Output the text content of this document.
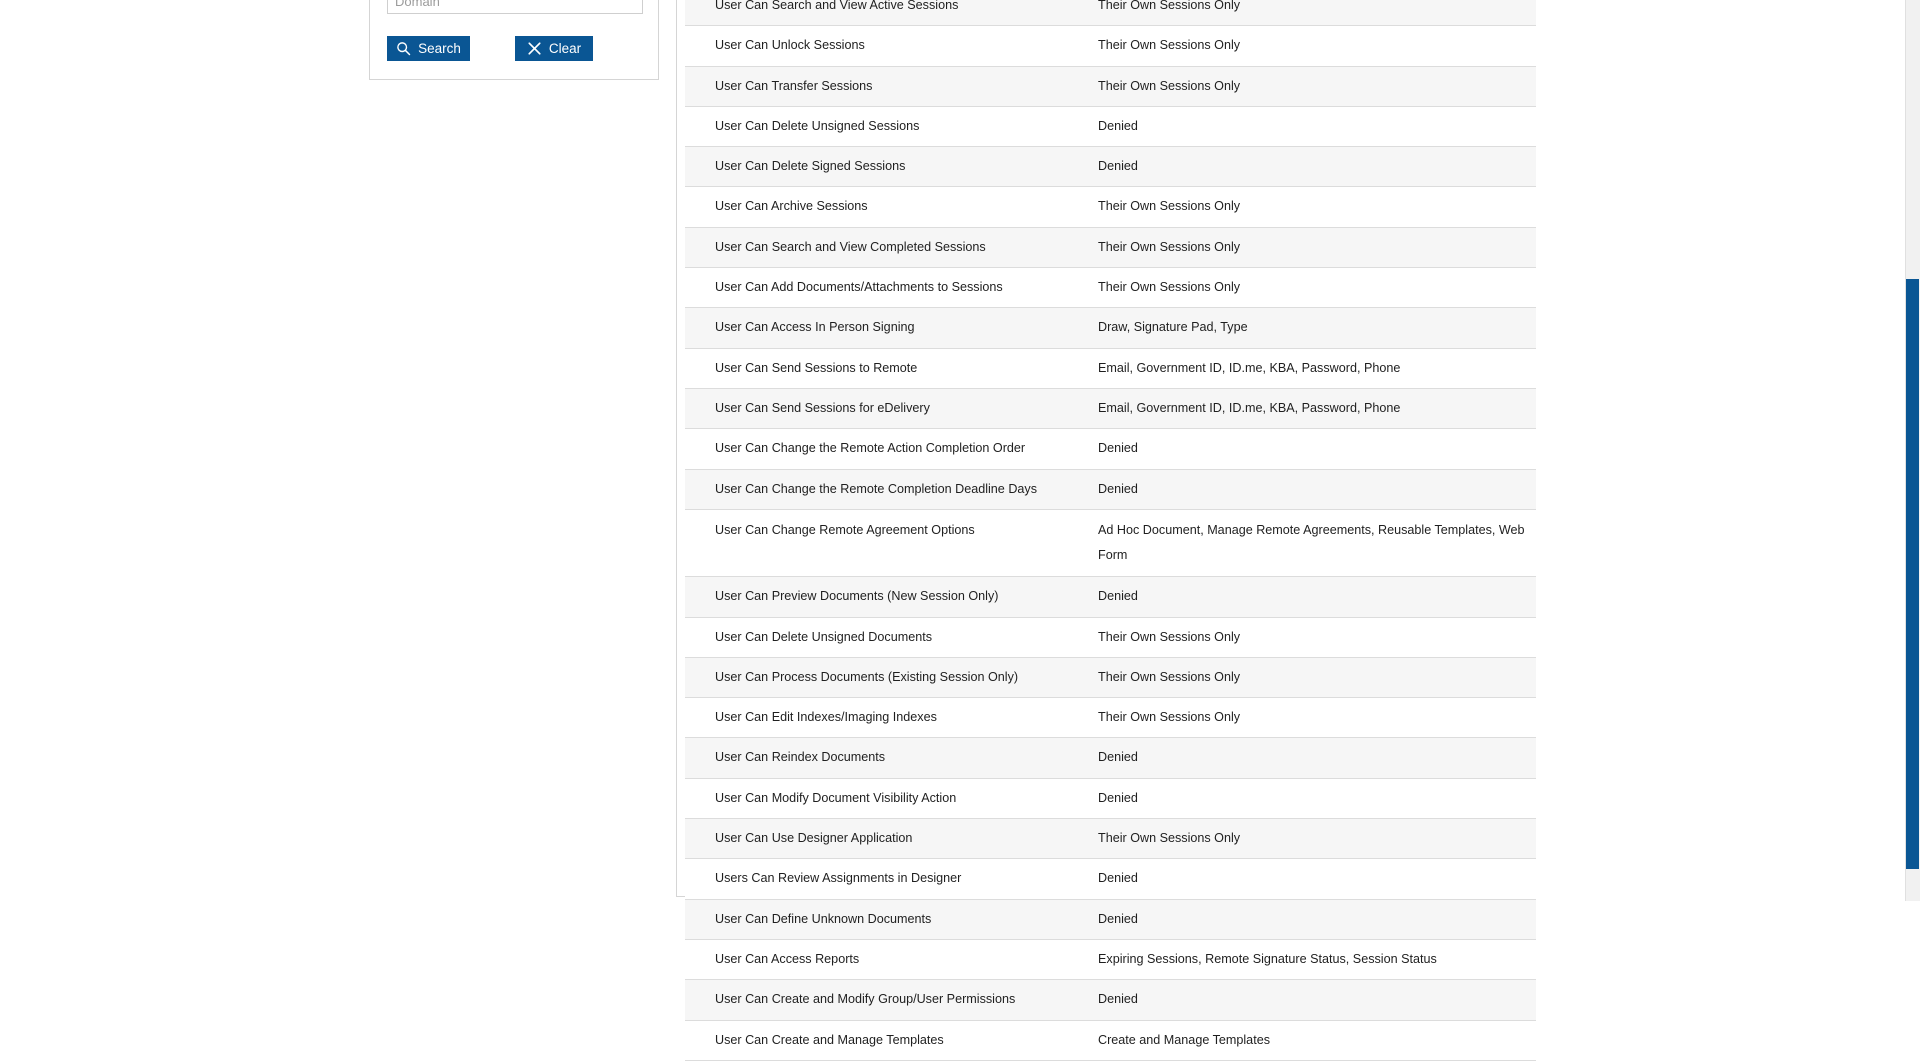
Domain
Search	Clear

User Can Search and View Active Sessions	Their Own Sessions Only
User Can Unlock Sessions	Their Own Sessions Only
User Can Transfer Sessions	Their Own Sessions Only
User Can Delete Unsigned Sessions	Denied
User Can Delete Signed Sessions	Denied
User Can Archive Sessions	Their Own Sessions Only
User Can Search and View Completed Sessions	Their Own Sessions Only
User Can Add Documents/Attachments to Sessions	Their Own Sessions Only
User Can Access In Person Signing	Draw, Signature Pad, Type
User Can Send Sessions to Remote	Email, Government ID, ID.me, KBA, Password, Phone
User Can Send Sessions for eDelivery	Email, Government ID, ID.me, KBA, Password, Phone
User Can Change the Remote Action Completion Order	Denied
User Can Change the Remote Completion Deadline Days	Denied
User Can Change Remote Agreement Options	Ad Hoc Document, Manage Remote Agreements, Reusable Templates, Web Form
User Can Preview Documents (New Session Only)	Denied
User Can Delete Unsigned Documents	Their Own Sessions Only
User Can Process Documents (Existing Session Only)	Their Own Sessions Only
User Can Edit Indexes/Imaging Indexes	Their Own Sessions Only
User Can Reindex Documents	Denied
User Can Modify Document Visibility Action	Denied
User Can Use Designer Application	Their Own Sessions Only
Users Can Review Assignments in Designer	Denied
User Can Define Unknown Documents	Denied
User Can Access Reports	Expiring Sessions, Remote Signature Status, Session Status
User Can Create and Modify Group/User Permissions	Denied
User Can Create and Manage Templates	Create and Manage Templates
